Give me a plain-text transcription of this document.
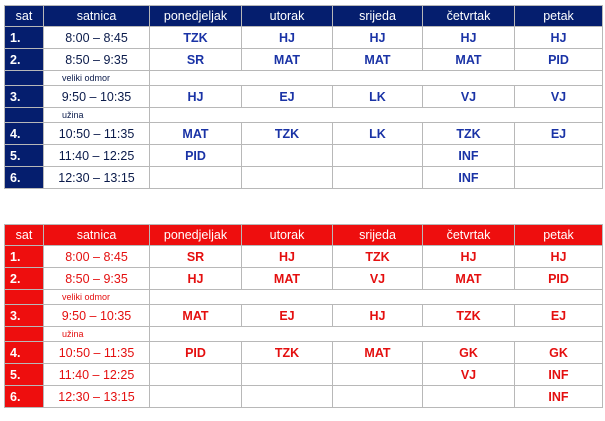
sat	satnica	ponedjeljak	utorak	srijeda	četvrtak	petak
1.	8:00 – 8:45	TZK	HJ	HJ	HJ	HJ
2.	8:50 – 9:35	SR	MAT	MAT	MAT	PID
	veliki odmor					
3.	9:50 – 10:35	HJ	EJ	LK	VJ	VJ
	užina					
4.	10:50 – 11:35	MAT	TZK	LK	TZK	EJ
5.	11:40 – 12:25	PID			INF	
6.	12:30 – 13:15				INF	
sat	satnica	ponedjeljak	utorak	srijeda	četvrtak	petak
1.	8:00 – 8:45	SR	HJ	TZK	HJ	HJ
2.	8:50 – 9:35	HJ	MAT	VJ	MAT	PID
	veliki odmor					
3.	9:50 – 10:35	MAT	EJ	HJ	TZK	EJ
	užina					
4.	10:50 – 11:35	PID	TZK	MAT	GK	GK
5.	11:40 – 12:25				VJ	INF
6.	12:30 – 13:15					INF
